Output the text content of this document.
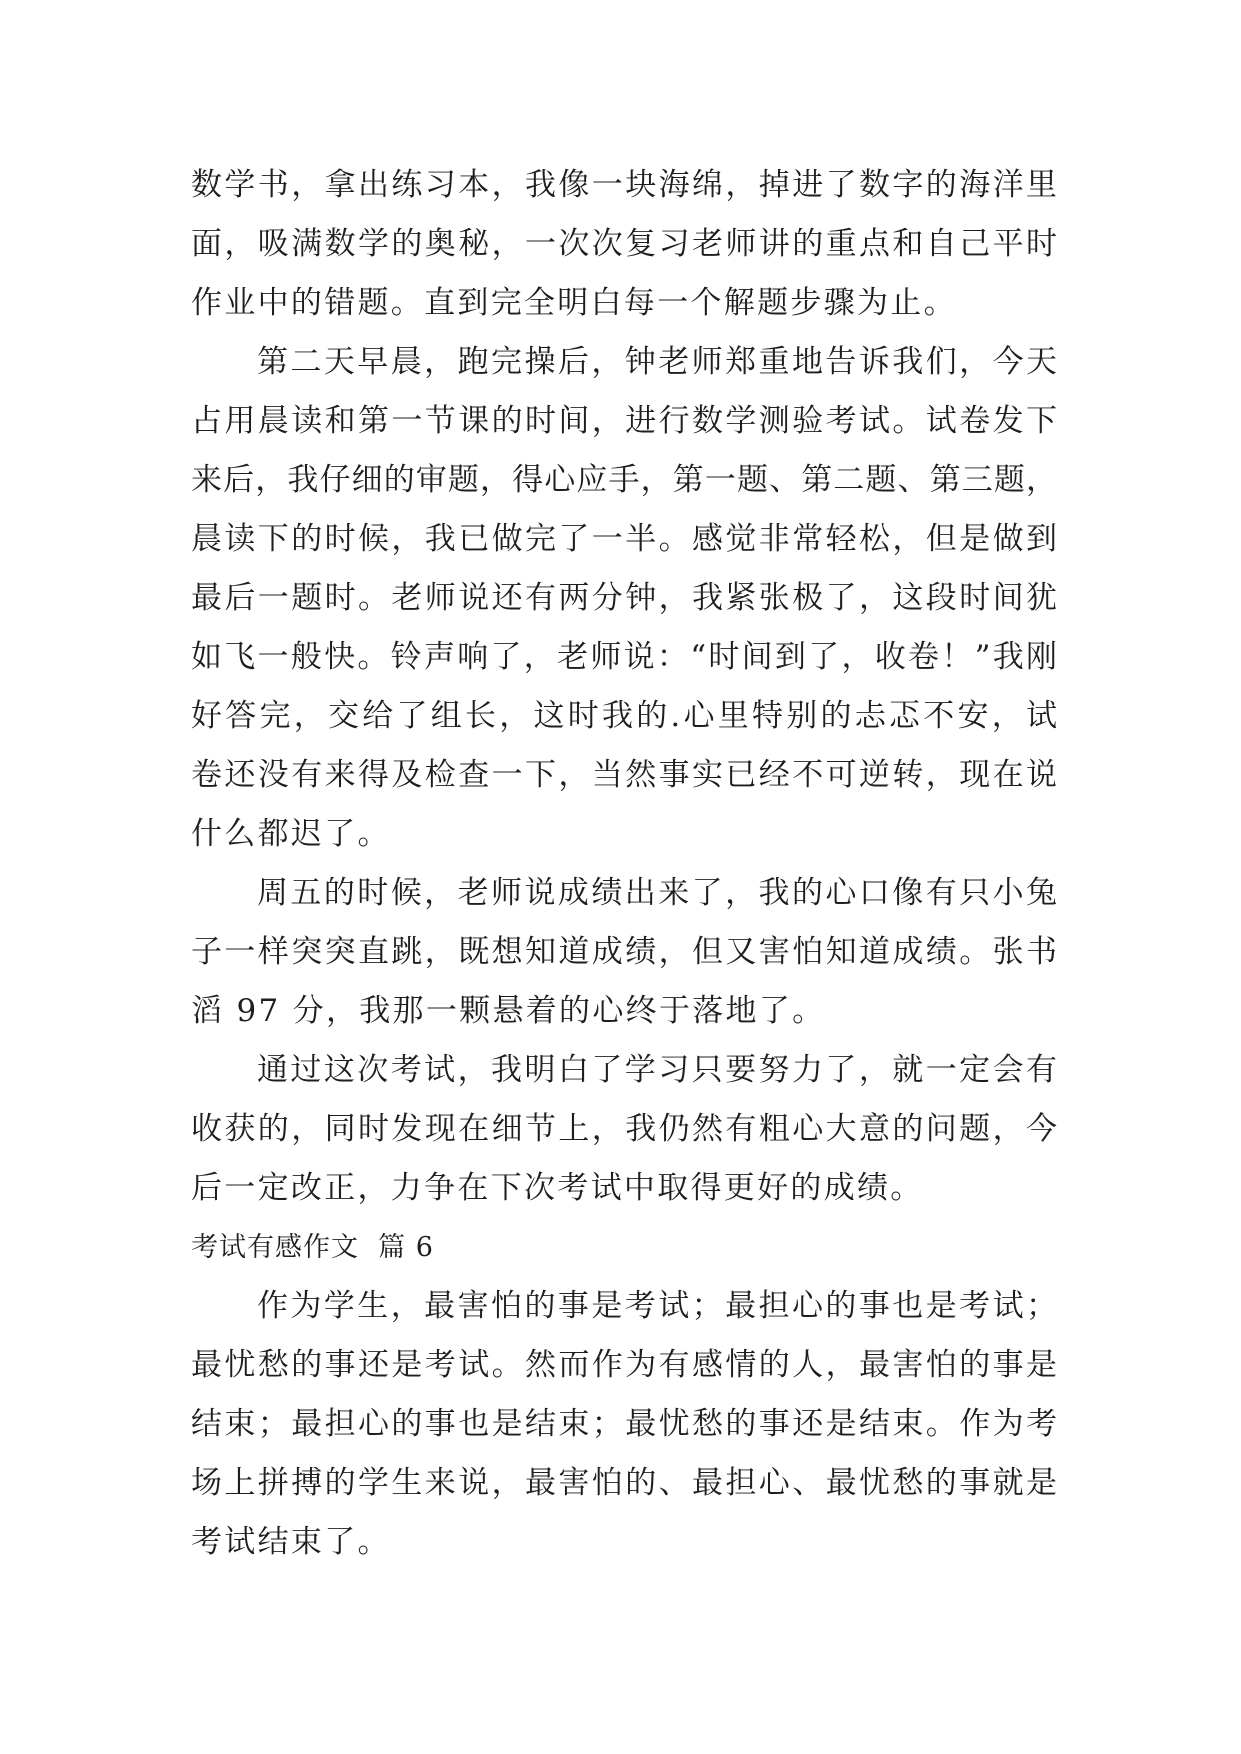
数学书，拿出练习本，我像一块海绵，掉进了数字的海洋里
面，吸满数学的奥秘，一次次复习老师讲的重点和自己平时
作业中的错题。直到完全明白每一个解题步骤为止。
第二天早晨，跑完操后，钟老师郑重地告诉我们，今天
占用晨读和第一节课的时间，进行数学测验考试。试卷发下
来后，我仔细的审题，得心应手，第一题、第二题、第三题，
晨读下的时候，我已做完了一半。感觉非常轻松，但是做到
最后一题时。老师说还有两分钟，我紧张极了，这段时间犹
如飞一般快。铃声响了，老师说：“时间到了，收卷！”我刚
好答完，交给了组长，这时我的.心里特别的忐忑不安，试
卷还没有来得及检查一下，当然事实已经不可逆转，现在说
什么都迟了。
周五的时候，老师说成绩出来了，我的心口像有只小兔
子一样突突直跳，既想知道成绩，但又害怕知道成绩。张书
滔 97 分，我那一颗悬着的心终于落地了。
通过这次考试，我明白了学习只要努力了，就一定会有
收获的，同时发现在细节上，我仍然有粗心大意的问题，今
后一定改正，力争在下次考试中取得更好的成绩。
考试有感作文  篇 6
作为学生，最害怕的事是考试；最担心的事也是考试；
最忧愁的事还是考试。然而作为有感情的人，最害怕的事是
结束；最担心的事也是结束；最忧愁的事还是结束。作为考
场上拼搏的学生来说，最害怕的、最担心、最忧愁的事就是
考试结束了。
